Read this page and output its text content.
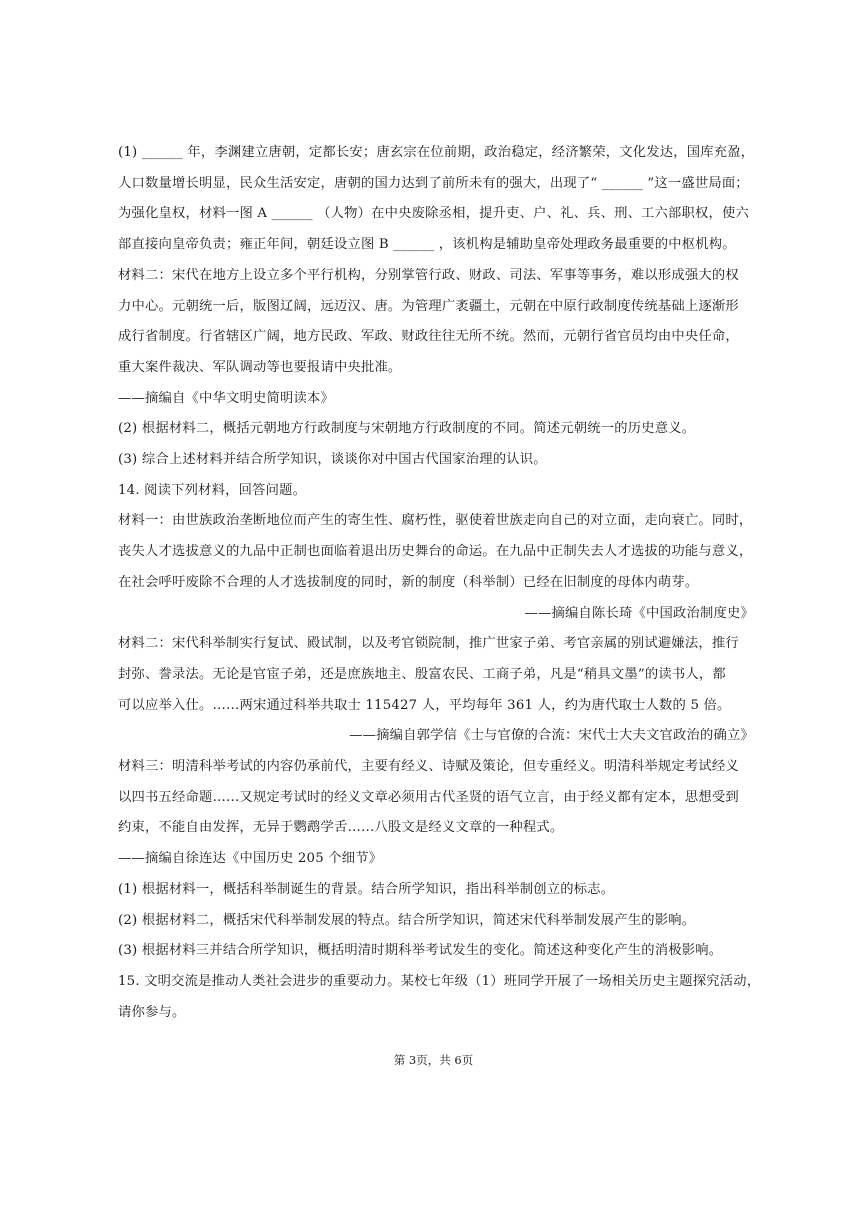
(1) ______ 年，李渊建立唐朝，定都长安；唐玄宗在位前期，政治稳定，经济繁荣，文化发达，国库充盈，

人口数量增长明显，民众生活安定，唐朝的国力达到了前所未有的强大，出现了“ ______ ”这一盛世局面；

为强化皇权，材料一图 A ______ （人物）在中央废除丞相，提升吏、户、礼、兵、刑、工六部职权，使六

部直接向皇帝负责；雍正年间，朝廷设立图 B ______ ，该机构是辅助皇帝处理政务最重要的中枢机构。

材料二：宋代在地方上设立多个平行机构，分别掌管行政、财政、司法、军事等事务，难以形成强大的权

力中心。元朝统一后，版图辽阔，远迈汉、唐。为管理广袤疆土，元朝在中原行政制度传统基础上逐渐形

成行省制度。行省辖区广阔，地方民政、军政、财政往往无所不统。然而，元朝行省官员均由中央任命，

重大案件裁决、军队调动等也要报请中央批准。

——摘编自《中华文明史简明读本》

(2) 根据材料二，概括元朝地方行政制度与宋朝地方行政制度的不同。简述元朝统一的历史意义。

(3) 综合上述材料并结合所学知识，谈谈你对中国古代国家治理的认识。

14. 阅读下列材料，回答问题。

材料一：由世族政治垄断地位而产生的寄生性、腐朽性，驱使着世族走向自己的对立面，走向衰亡。同时，

丧失人才选拔意义的九品中正制也面临着退出历史舞台的命运。在九品中正制失去人才选拔的功能与意义，

在社会呼吁废除不合理的人才选拔制度的同时，新的制度（科举制）已经在旧制度的母体内萌芽。

——摘编自陈长琦《中国政治制度史》

材料二：宋代科举制实行复试、殿试制，以及考官锁院制，推广世家子弟、考官亲属的别试避嫌法，推行

封弥、誊录法。无论是官宦子弟，还是庶族地主、殷富农民、工商子弟，凡是“稍具文墨”的读书人，都

可以应举入仕。……两宋通过科举共取士 115427 人，平均每年 361 人，约为唐代取士人数的 5 倍。

——摘编自郭学信《士与官僚的合流：宋代士大夫文官政治的确立》

材料三：明清科举考试的内容仍承前代，主要有经义、诗赋及策论，但专重经义。明清科举规定考试经义

以四书五经命题……又规定考试时的经义文章必须用古代圣贤的语气立言，由于经义都有定本，思想受到

约束，不能自由发挥，无异于鹦鹉学舌……八股文是经义文章的一种程式。

——摘编自徐连达《中国历史 205 个细节》

(1) 根据材料一，概括科举制诞生的背景。结合所学知识，指出科举制创立的标志。

(2) 根据材料二，概括宋代科举制发展的特点。结合所学知识，简述宋代科举制发展产生的影响。

(3) 根据材料三并结合所学知识，概括明清时期科举考试发生的变化。简述这种变化产生的消极影响。

15. 文明交流是推动人类社会进步的重要动力。某校七年级（1）班同学开展了一场相关历史主题探究活动，

请你参与。

第 3页，共 6页
